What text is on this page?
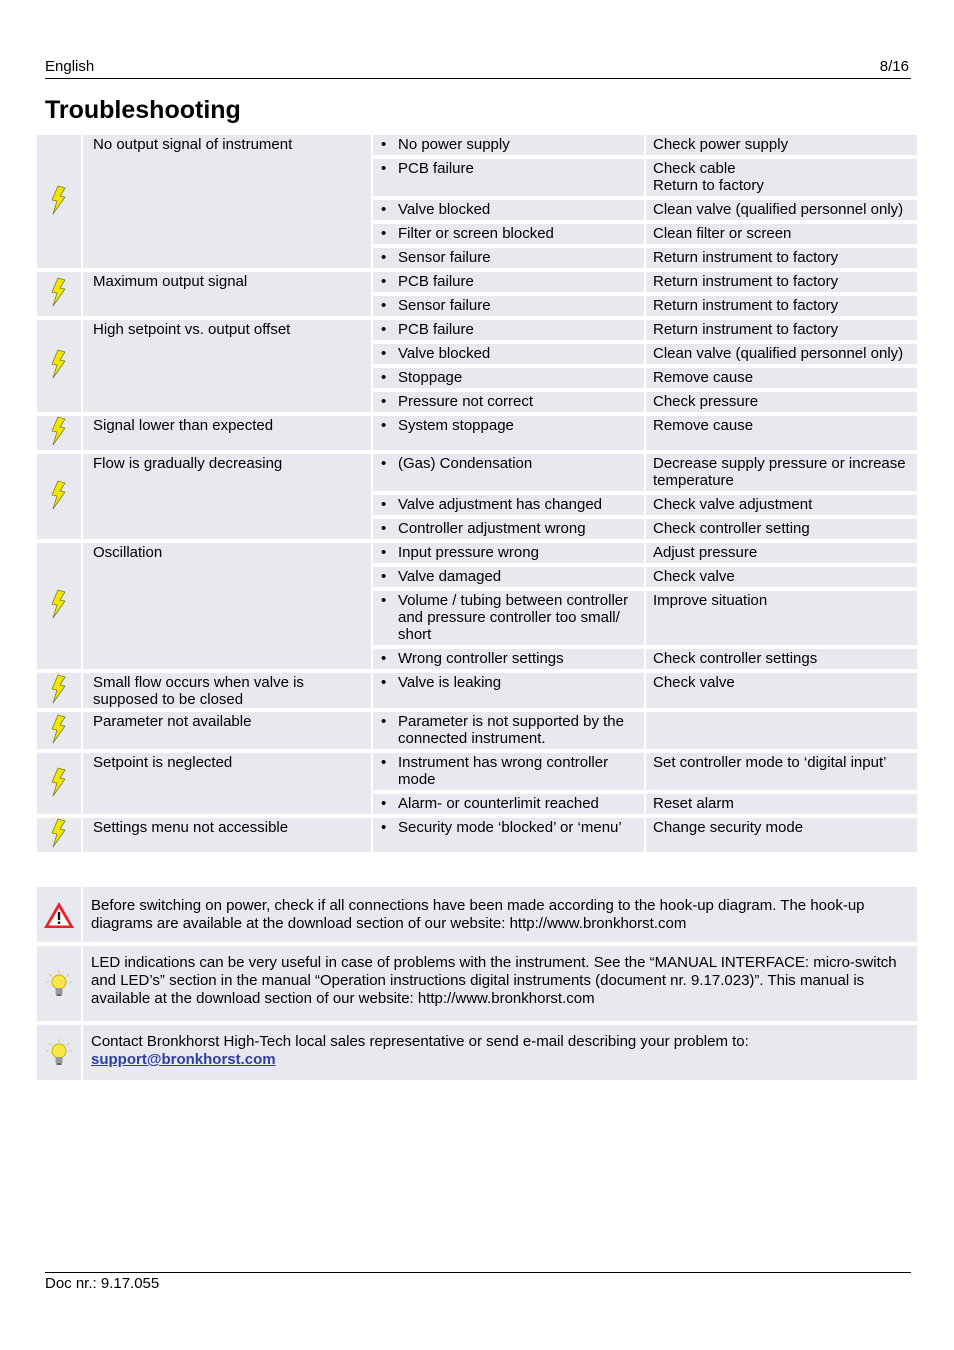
English	8/16
Troubleshooting
	No output signal of instrument	• No power supply	Check power supply

		• PCB failure	Check cable
Return to factory

		• Valve blocked	Clean valve (qualified personnel only)

		• Filter or screen blocked	Clean filter or screen

		• Sensor failure	Return instrument to factory
	Maximum output signal	• PCB failure	Return instrument to factory

		• Sensor failure	Return instrument to factory
	High setpoint vs. output offset	• PCB failure	Return instrument to factory

		• Valve blocked	Clean valve (qualified personnel only)

		• Stoppage	Remove cause

		• Pressure not correct	Check pressure
	Signal lower than expected	• System stoppage	Remove cause
	Flow is gradually decreasing	• (Gas) Condensation	Decrease supply pressure or increase temperature

		• Valve adjustment has changed	Check valve adjustment

		• Controller adjustment wrong	Check controller setting
	Oscillation	• Input pressure wrong	Adjust pressure

		• Valve damaged	Check valve

		• Volume / tubing between controller and pressure controller too small/ short	Improve situation

		• Wrong controller settings	Check controller settings
	Small flow occurs when valve is supposed to be closed	• Valve is leaking	Check valve
	Parameter not available	• Parameter is not supported by the connected instrument.	

	Setpoint is neglected	• Instrument has wrong controller mode	Set controller mode to ‘digital input’

		• Alarm- or counterlimit reached	Reset alarm
	Settings menu not accessible	• Security mode ‘blocked’ or ‘menu’	Change security mode
Before switching on power, check if all connections have been made according to the hook-up diagram. The hook-up diagrams are available at the download section of our website: http://www.bronkhorst.com
LED indications can be very useful in case of problems with the instrument. See the “MANUAL INTERFACE: micro-switch and LED’s” section in the manual “Operation instructions digital instruments (document nr. 9.17.023)”. This manual is available at the download section of our website: http://www.bronkhorst.com
Contact Bronkhorst High-Tech local sales representative or send e-mail describing your problem to:
support@bronkhorst.com
Doc nr.: 9.17.055
